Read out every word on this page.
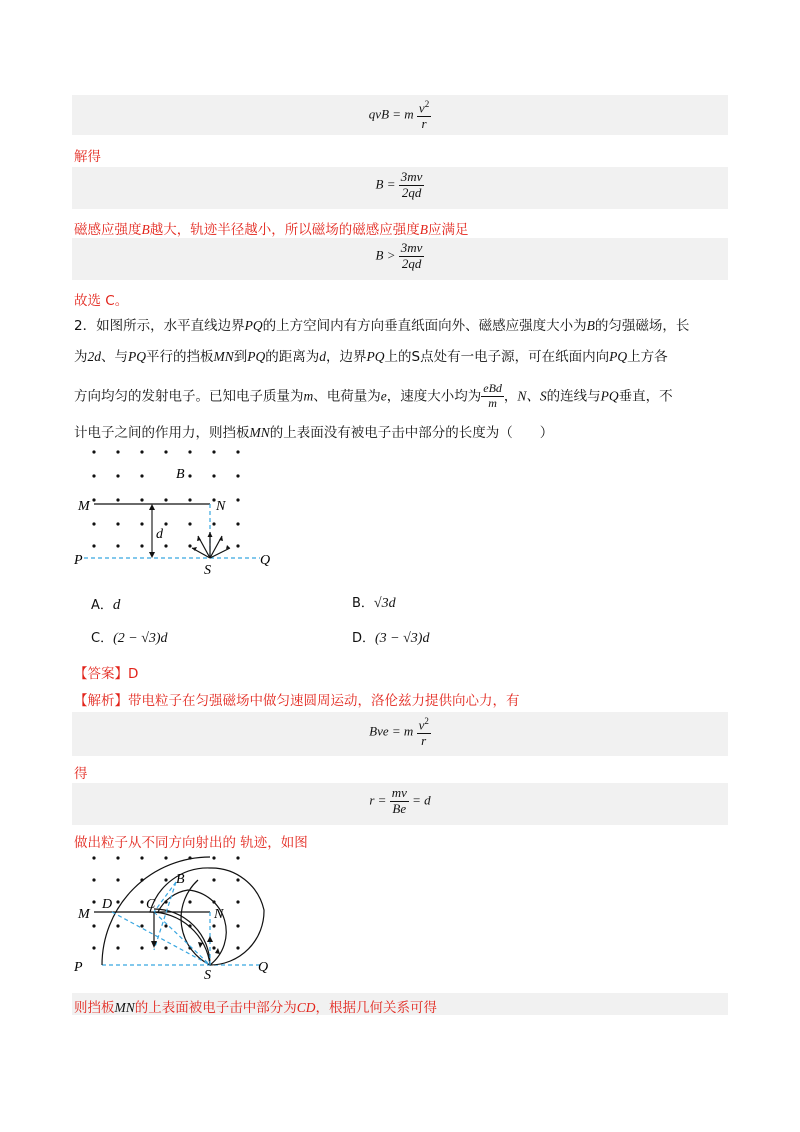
qvB = m $\frac{v^2}{r}$
解得
$B = \frac{3mv}{2qd}$
磁感应强度B越大，轨迹半径越小，所以磁场的磁感应强度B应满足
$B > \frac{3mv}{2qd}$
故选 C。
2．如图所示，水平直线边界PQ的上方空间内有方向垂直纸面向外、磁感应强度大小为B的匀强磁场，长
为2d、与PQ平行的挡板MN到PQ的距离为d，边界PQ上的S点处有一电子源，可在纸面内向PQ上方各
方向均匀的发射电子。已知电子质量为m、电荷量为e，速度大小均为 $\frac{\text{eBd}}{m}$ ，N、S的连线与PQ垂直，不
计电子之间的作用力，则挡板MN的上表面没有被电子击中部分的长度为（　　）
B
M	N
d
P
S
Q
A．d	B．√3d
C．(2 − √3)d	D．(3 − √3)d
【答案】D
【解析】带电粒子在匀强磁场中做匀速圆周运动，洛伦兹力提供向心力，有
Bve = m $\frac{v^2}{r}$
得
$r = \frac{mv}{Be} = d$
做出粒子从不同方向射出的 轨迹，如图
B
D C
M	N
P
S
Q
则挡板MN的上表面被电子击中部分为CD，根据几何关系可得
